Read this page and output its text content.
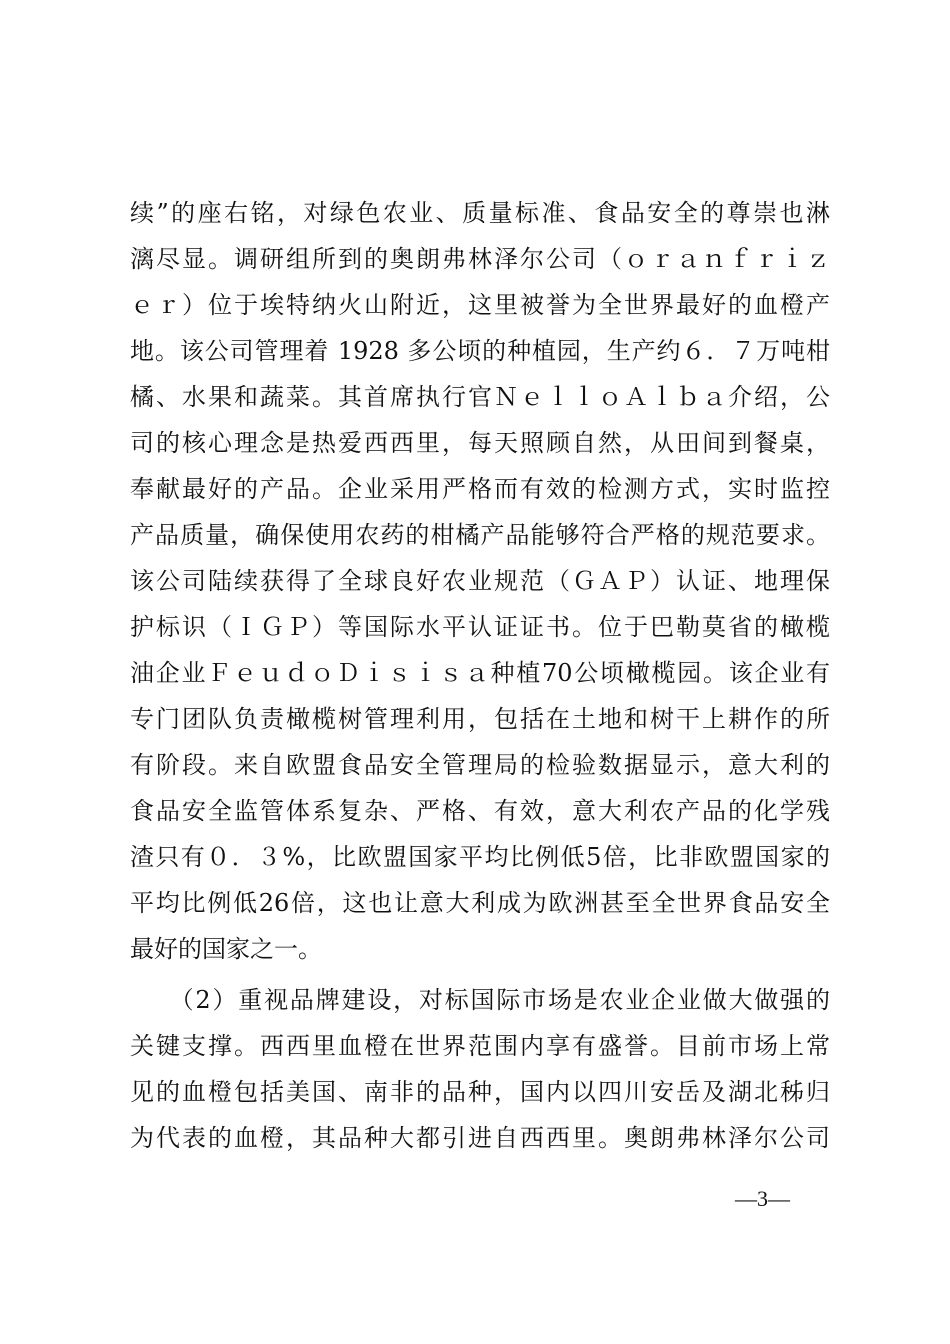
续”的座右铭，对绿色农业、质量标准、食品安全的尊崇也淋
漓尽显。调研组所到的奥朗弗林泽尔公司（ｏｒａｎｆｒｉｚ
ｅｒ）位于埃特纳火山附近，这里被誉为全世界最好的血橙产
地。该公司管理着 1928 多公顷的种植园，生产约６．７万吨柑
橘、水果和蔬菜。其首席执行官ＮｅｌｌｏＡｌｂａ介绍，公
司的核心理念是热爱西西里，每天照顾自然，从田间到餐桌，
奉献最好的产品。企业采用严格而有效的检测方式，实时监控
产品质量，确保使用农药的柑橘产品能够符合严格的规范要求。
该公司陆续获得了全球良好农业规范（ＧＡＰ）认证、地理保
护标识（ＩＧＰ）等国际水平认证证书。位于巴勒莫省的橄榄
油企业ＦｅｕｄｏＤｉｓｉｓａ种植70公顷橄榄园。该企业有
专门团队负责橄榄树管理利用，包括在土地和树干上耕作的所
有阶段。来自欧盟食品安全管理局的检验数据显示，意大利的
食品安全监管体系复杂、严格、有效，意大利农产品的化学残
渣只有０．３%，比欧盟国家平均比例低5倍，比非欧盟国家的
平均比例低26倍，这也让意大利成为欧洲甚至全世界食品安全
最好的国家之一。
　　（2）重视品牌建设，对标国际市场是农业企业做大做强的
关键支撑。西西里血橙在世界范围内享有盛誉。目前市场上常
见的血橙包括美国、南非的品种，国内以四川安岳及湖北秭归
为代表的血橙，其品种大都引进自西西里。奥朗弗林泽尔公司
—3—
